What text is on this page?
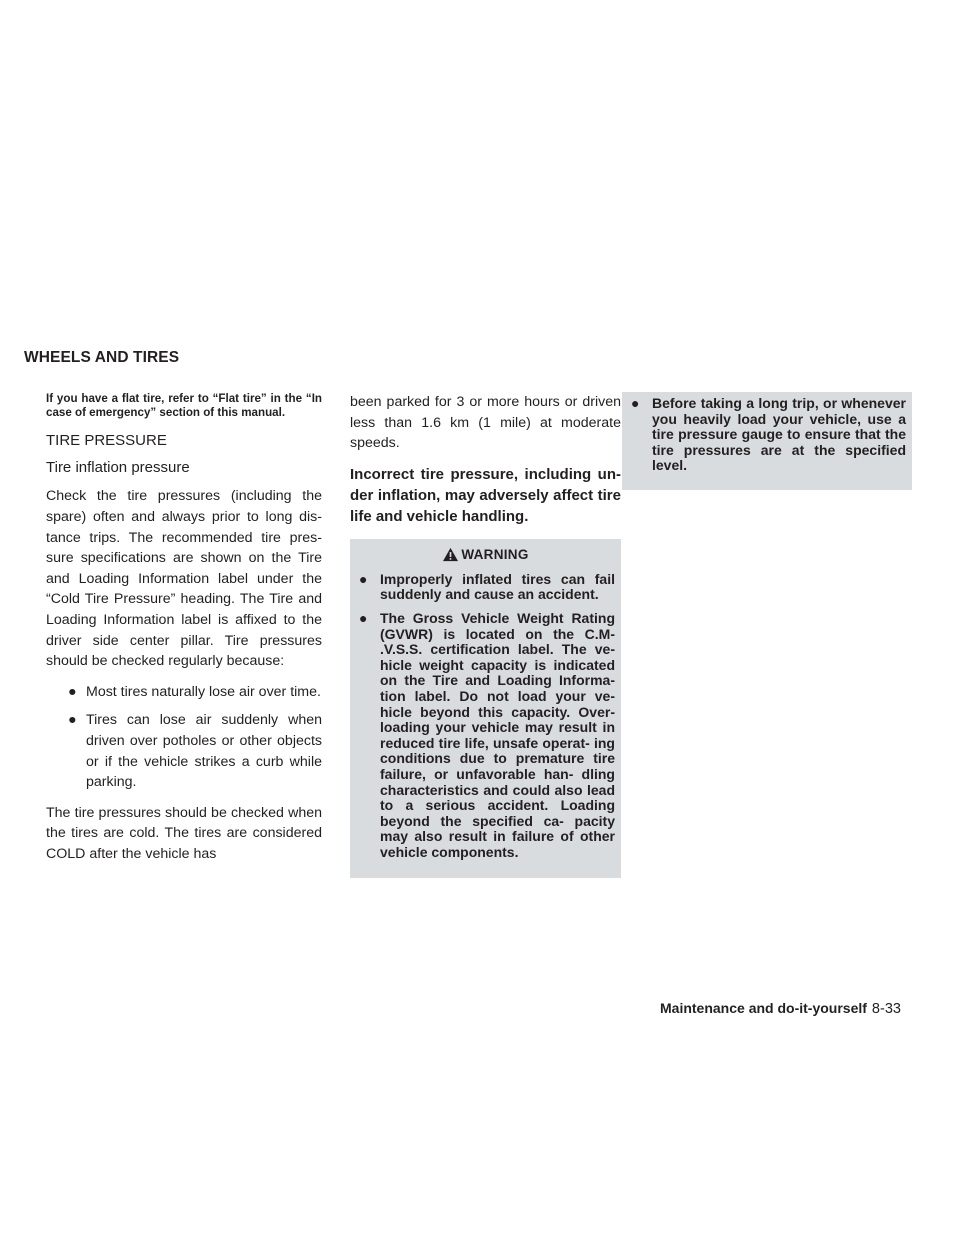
WHEELS AND TIRES

If you have a flat tire, refer to “Flat tire” in the “In case of emergency” section of this manual.

TIRE PRESSURE
Tire inflation pressure

Check the tire pressures (including the spare) often and always prior to long dis- tance trips. The recommended tire pres- sure specifications are shown on the Tire and Loading Information label under the “Cold Tire Pressure” heading. The Tire and Loading Information label is affixed to the driver side center pillar. Tire pressures should be checked regularly because:

● Most tires naturally lose air over time.
● Tires can lose air suddenly when driven over potholes or other objects or if the vehicle strikes a curb while parking.

The tire pressures should be checked when the tires are cold. The tires are considered COLD after the vehicle has

been parked for 3 or more hours or driven less than 1.6 km (1 mile) at moderate speeds.

Incorrect tire pressure, including un- der inflation, may adversely affect tire life and vehicle handling.

WARNING
● Improperly inflated tires can fail suddenly and cause an accident.
● The Gross Vehicle Weight Rating (GVWR) is located on the C.M- .V.S.S. certification label. The ve- hicle weight capacity is indicated on the Tire and Loading Informa- tion label. Do not load your ve- hicle beyond this capacity. Over- loading your vehicle may result in reduced tire life, unsafe operat- ing conditions due to premature tire failure, or unfavorable han- dling characteristics and could also lead to a serious accident. Loading beyond the specified ca- pacity may also result in failure of other vehicle components.
● Before taking a long trip, or whenever you heavily load your vehicle, use a tire pressure gauge to ensure that the tire pressures are at the specified level.
Maintenance and do-it-yourself 8-33
